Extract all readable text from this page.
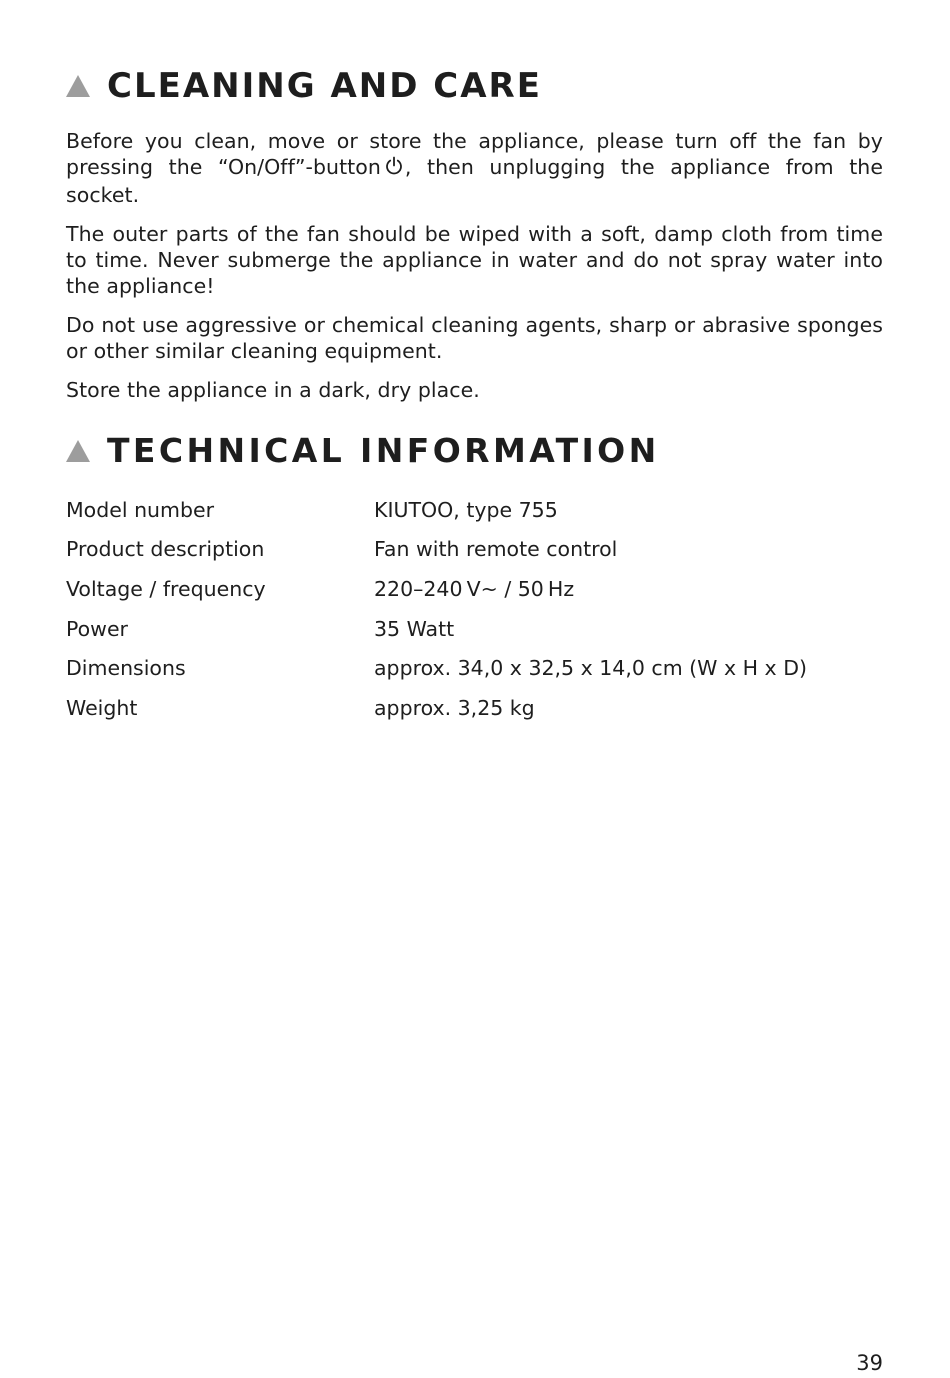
CLEANING AND CARE

Before you clean, move or store the appliance, please turn off the fan by pressing the “On/Off”-button , then unplugging the appliance from the socket.

The outer parts of the fan should be wiped with a soft, damp cloth from time to time. Never submerge the appliance in water and do not spray water into the appliance!

Do not use aggressive or chemical cleaning agents, sharp or abrasive sponges or other similar cleaning equipment.

Store the appliance in a dark, dry place.

TECHNICAL INFORMATION
Model number	KIUTOO, type 755
Product description	Fan with remote control
Voltage / frequency	220–240 V~ / 50 Hz
Power	35 Watt
Dimensions	approx. 34,0 x 32,5 x 14,0 cm (W x H x D)
Weight	approx. 3,25 kg
39
